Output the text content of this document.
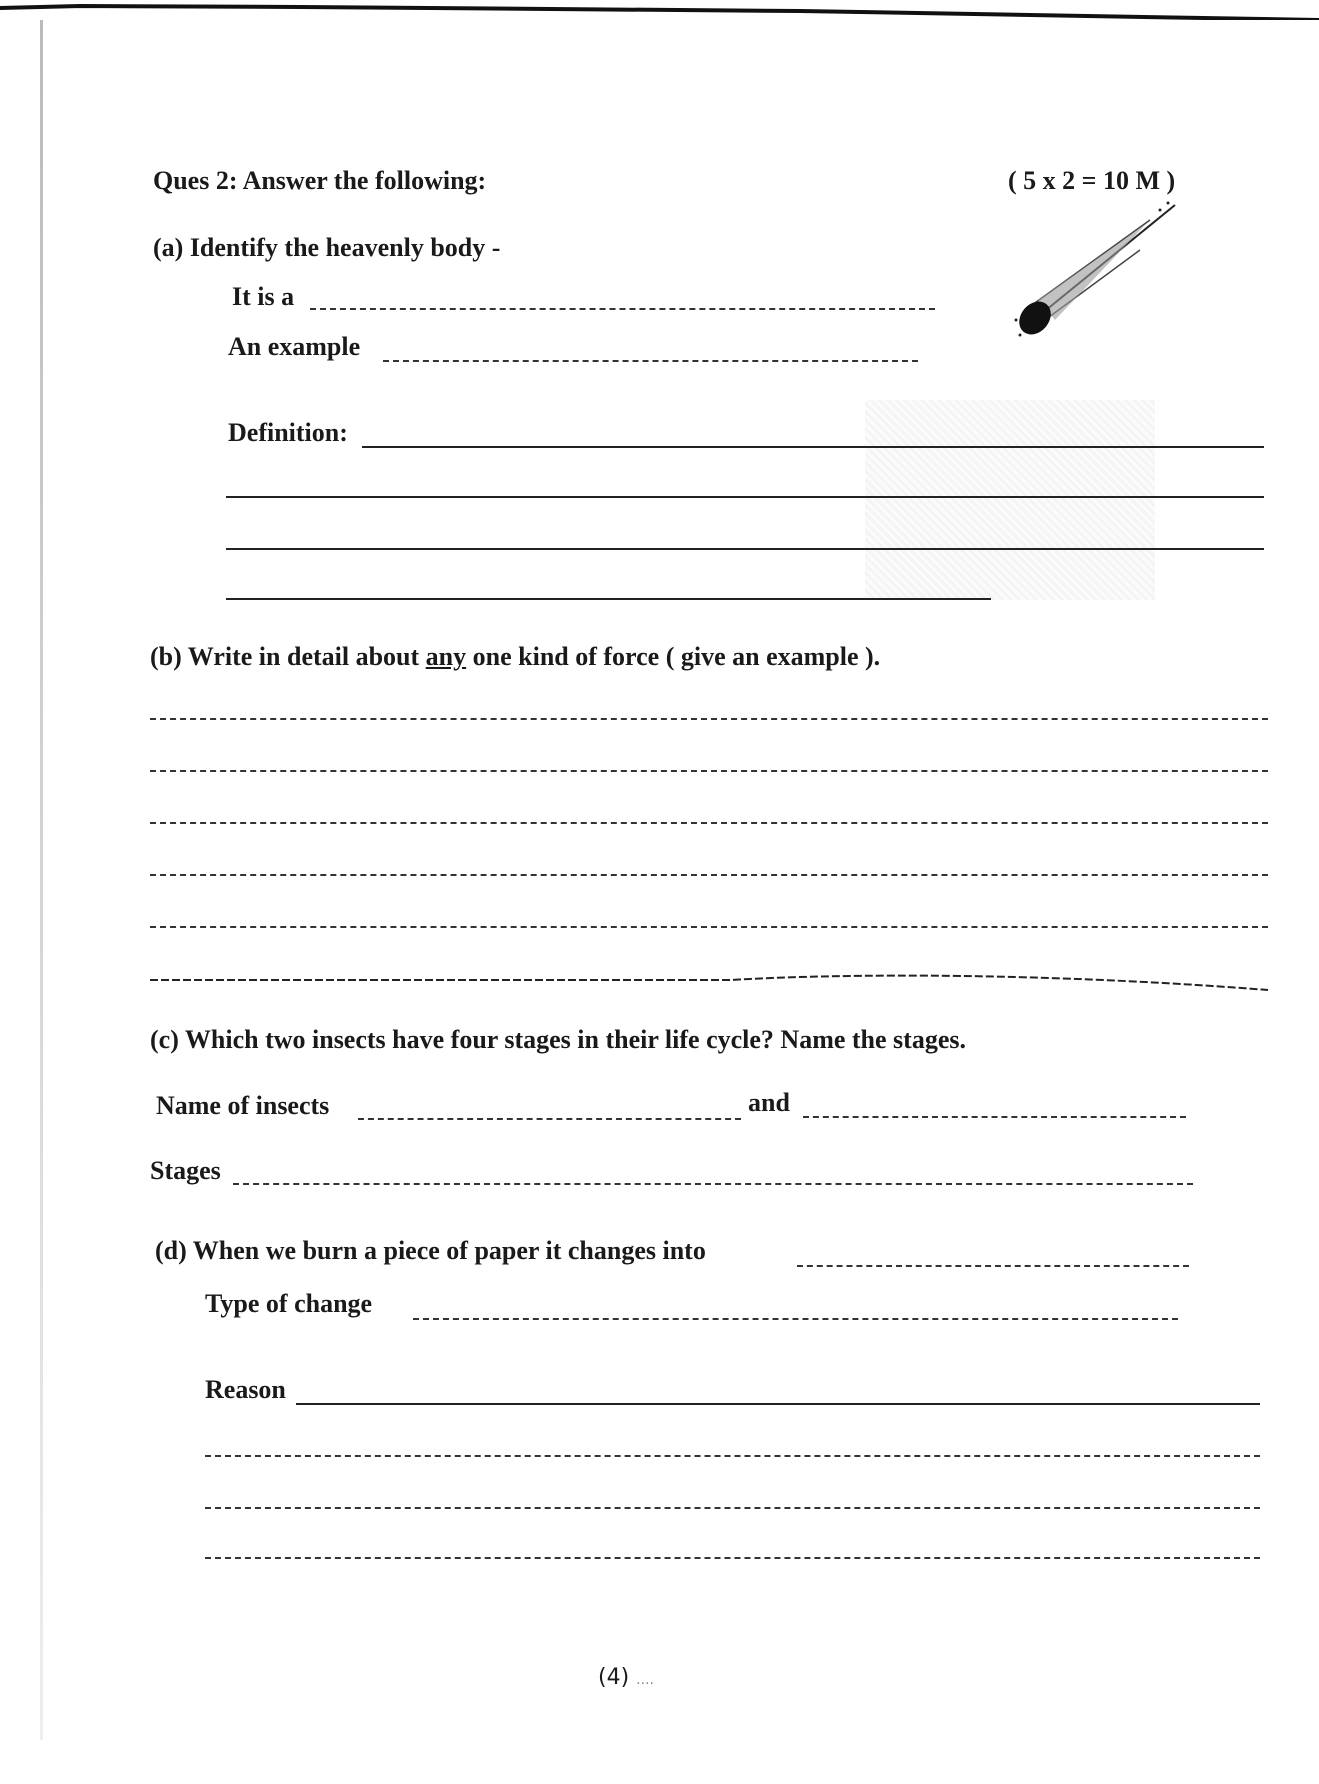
Ques 2: Answer the following:	( 5 x 2 = 10 M )
(a) Identify the heavenly body -
It is a
An example
Definition:
(b) Write in detail about any one kind of force ( give an example ).
(c) Which two insects have four stages in their life cycle? Name the stages.
Name of insects	and
Stages
(d) When we burn a piece of paper it changes into
Type of change
Reason
(4) ....
